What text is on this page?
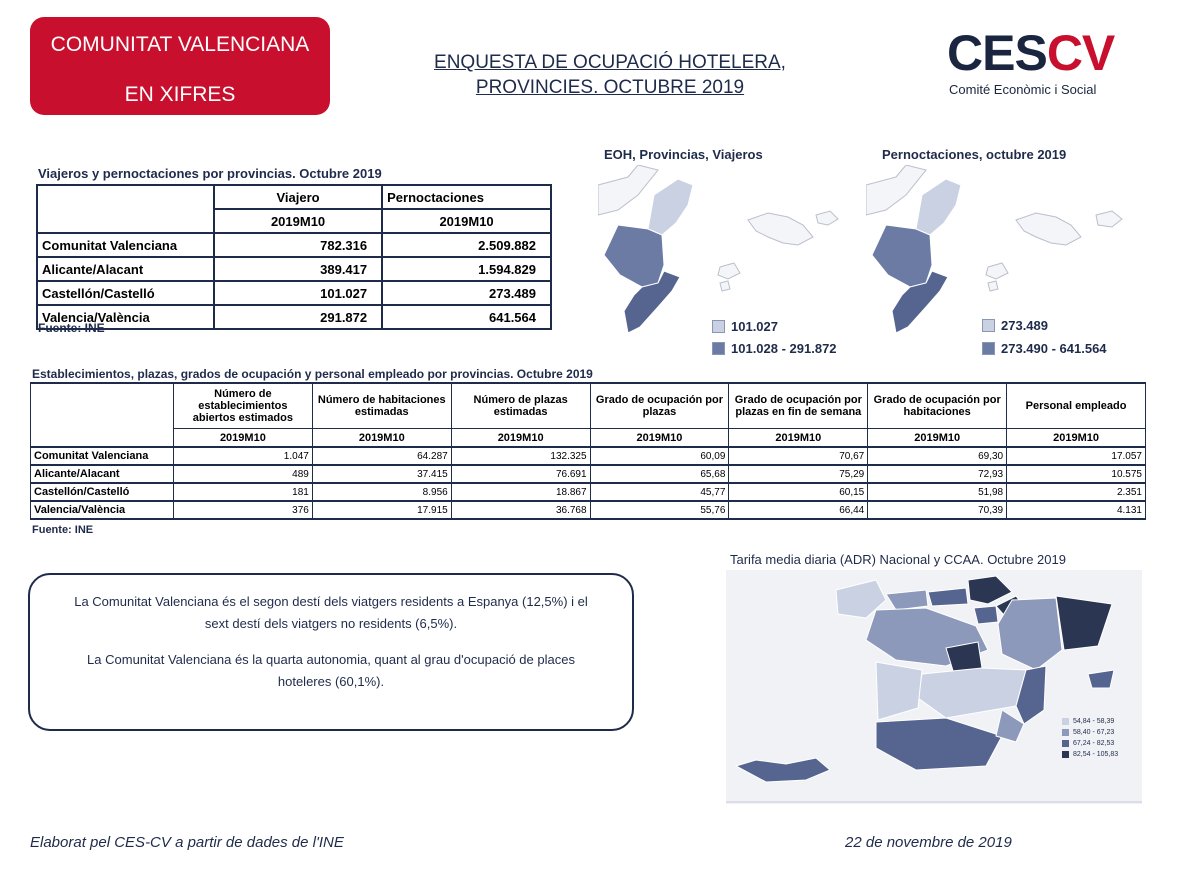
COMUNITAT VALENCIANA
EN XIFRES
ENQUESTA DE OCUPACIÓ HOTELERA,
PROVINCIES. OCTUBRE 2019
CESCV
Comité Econòmic i Social
Viajeros y pernoctaciones por provincias. Octubre 2019
	Viajero	Pernoctaciones
	2019M10	2019M10
Comunitat Valenciana	782.316	2.509.882
Alicante/Alacant	389.417	1.594.829
Castellón/Castelló	101.027	273.489
Valencia/València	291.872	641.564
Fuente: INE
EOH, Provincias, Viajeros
101.027
101.028 - 291.872
Pernoctaciones, octubre 2019
273.489
273.490 - 641.564
Establecimientos, plazas, grados de ocupación y personal empleado por provincias. Octubre 2019
	Número de establecimientos abiertos estimados	Número de habitaciones estimadas	Número de plazas estimadas	Grado de ocupación por plazas	Grado de ocupación por plazas en fin de semana	Grado de ocupación por habitaciones	Personal empleado
	2019M10	2019M10	2019M10	2019M10	2019M10	2019M10	2019M10
Comunitat Valenciana	1.047	64.287	132.325	60,09	70,67	69,30	17.057
Alicante/Alacant	489	37.415	76.691	65,68	75,29	72,93	10.575
Castellón/Castelló	181	8.956	18.867	45,77	60,15	51,98	2.351
Valencia/València	376	17.915	36.768	55,76	66,44	70,39	4.131
Fuente: INE
La Comunitat Valenciana és el segon destí dels viatgers residents a Espanya (12,5%) i el
sext destí dels viatgers no residents (6,5%).
La Comunitat Valenciana és la quarta autonomia, quant al grau d'ocupació de places
hoteleres (60,1%).
Tarifa media diaria (ADR) Nacional y CCAA. Octubre 2019
54,84 - 58,39
58,40 - 67,23
67,24 - 82,53
82,54 - 105,83
Elaborat pel CES-CV a partir de dades de l'INE	22 de novembre de 2019
